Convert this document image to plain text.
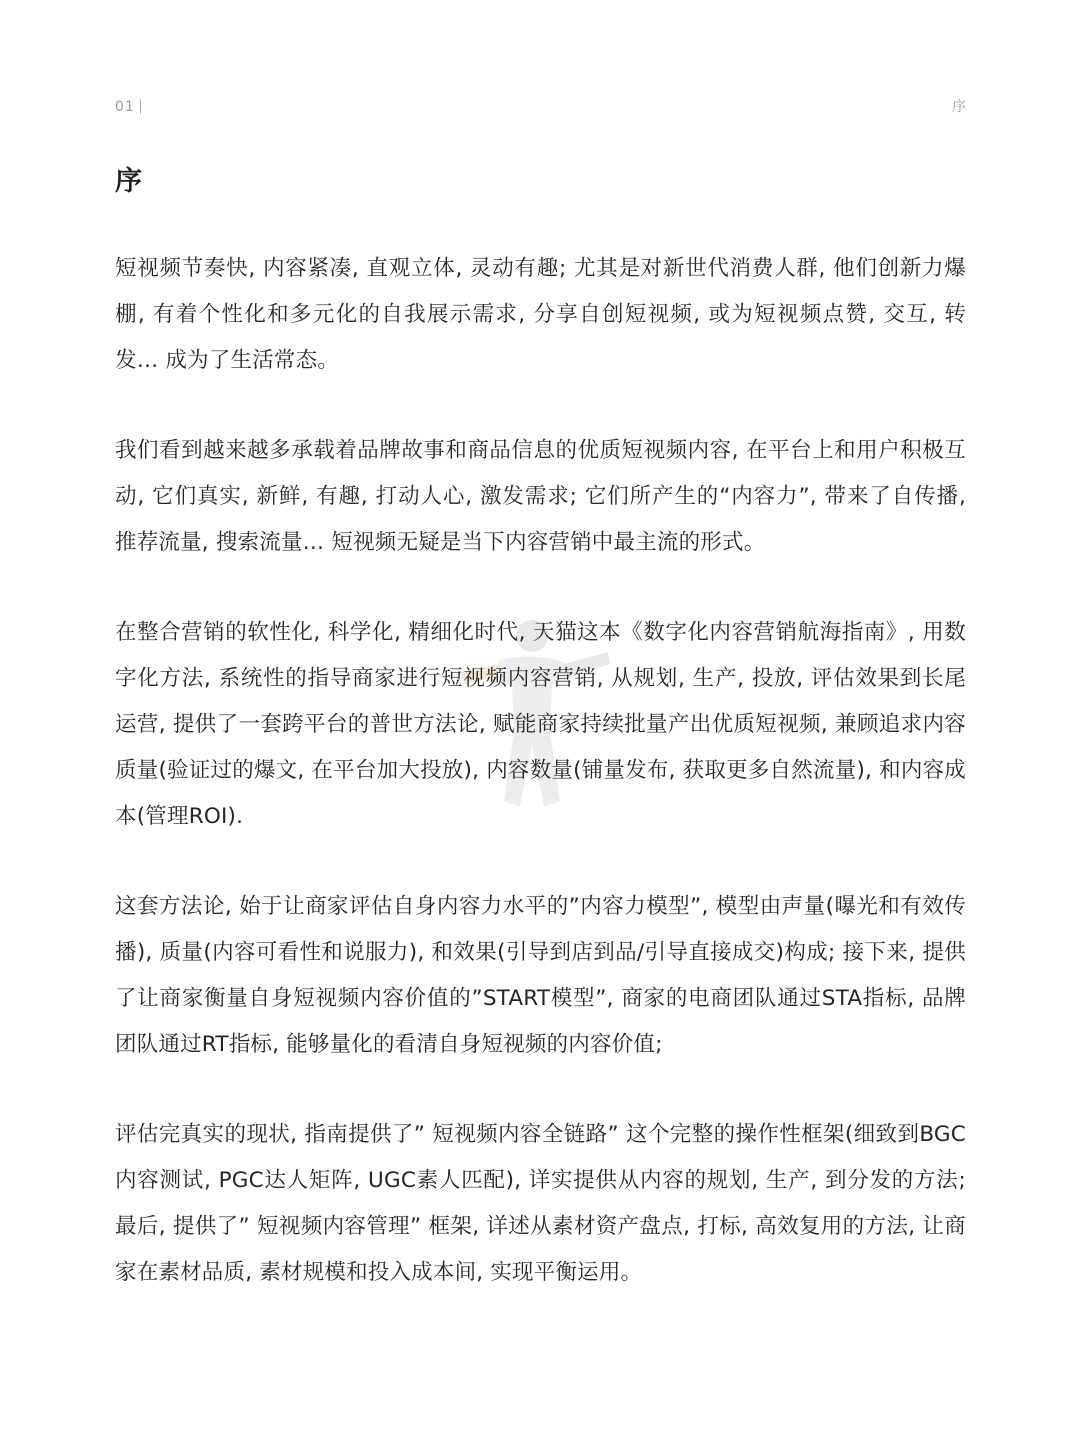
01	序
序

短视频节奏快, 内容紧凑, 直观立体, 灵动有趣; 尤其是对新世代消费人群, 他们创新力爆棚, 有着个性化和多元化的自我展示需求, 分享自创短视频, 或为短视频点赞, 交互, 转发… 成为了生活常态。

我们看到越来越多承载着品牌故事和商品信息的优质短视频内容, 在平台上和用户积极互动, 它们真实, 新鲜, 有趣, 打动人心, 激发需求; 它们所产生的“内容力”, 带来了自传播, 推荐流量, 搜索流量… 短视频无疑是当下内容营销中最主流的形式。

在整合营销的软性化, 科学化, 精细化时代, 天猫这本《数字化内容营销航海指南》, 用数字化方法, 系统性的指导商家进行短视频内容营销, 从规划, 生产, 投放, 评估效果到长尾运营, 提供了一套跨平台的普世方法论, 赋能商家持续批量产出优质短视频, 兼顾追求内容质量(验证过的爆文, 在平台加大投放), 内容数量(铺量发布, 获取更多自然流量), 和内容成本(管理ROI).

这套方法论, 始于让商家评估自身内容力水平的”内容力模型”, 模型由声量(曝光和有效传播), 质量(内容可看性和说服力), 和效果(引导到店到品/引导直接成交)构成; 接下来, 提供了让商家衡量自身短视频内容价值的”START模型”, 商家的电商团队通过STA指标, 品牌团队通过RT指标, 能够量化的看清自身短视频的内容价值;

评估完真实的现状, 指南提供了” 短视频内容全链路” 这个完整的操作性框架(细致到BGC内容测试, PGC达人矩阵, UGC素人匹配), 详实提供从内容的规划, 生产, 到分发的方法; 最后, 提供了” 短视频内容管理” 框架, 详述从素材资产盘点, 打标, 高效复用的方法, 让商家在素材品质, 素材规模和投入成本间, 实现平衡运用。
